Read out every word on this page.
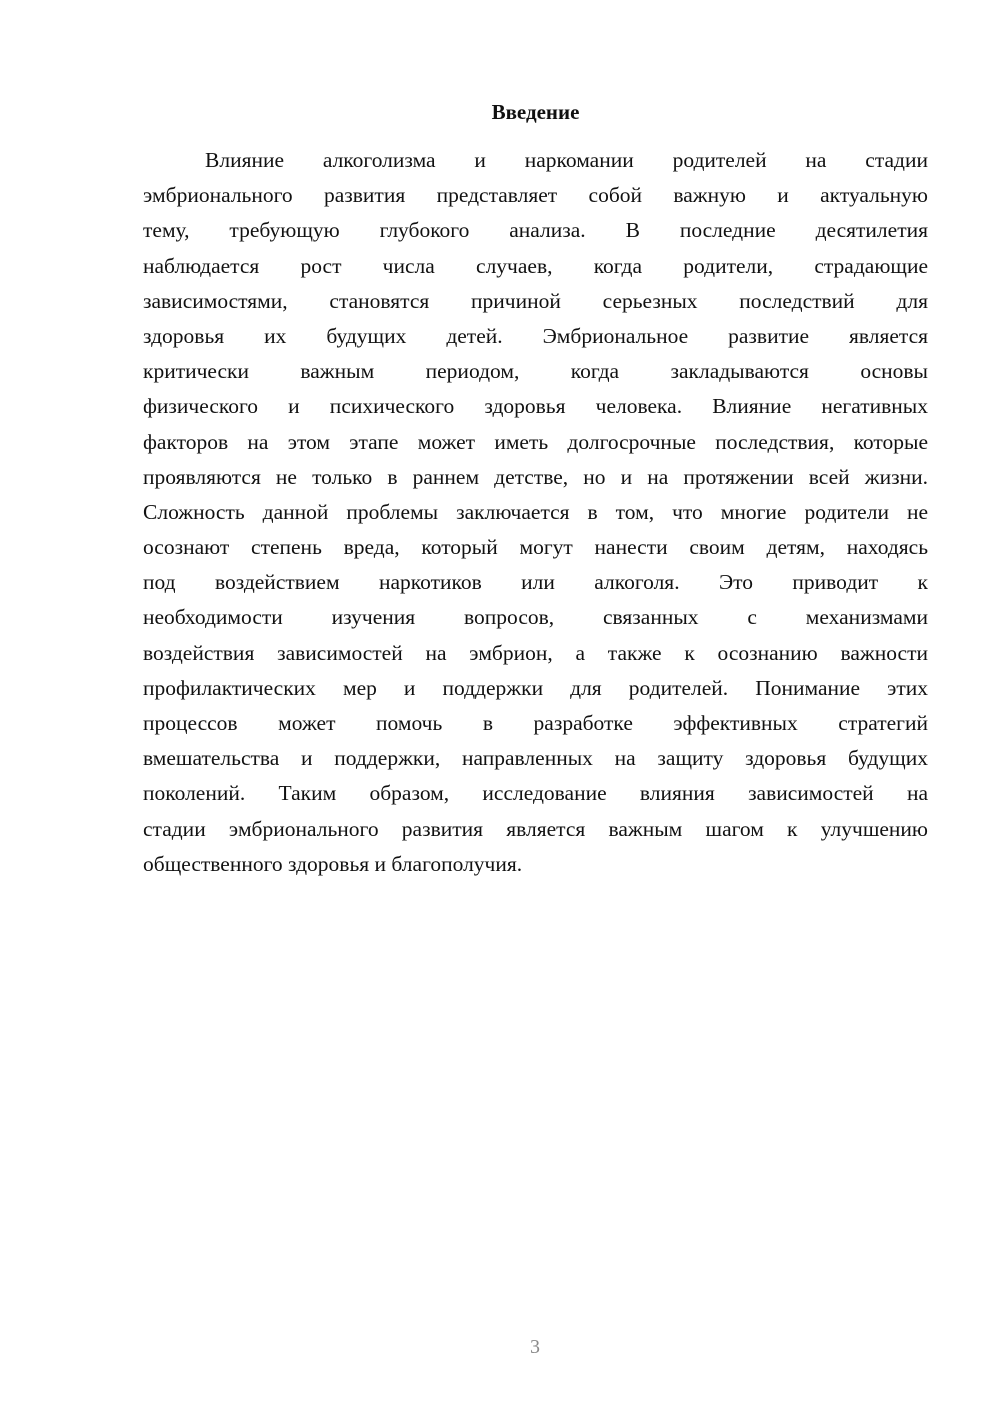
Введение
Влияние алкоголизма и наркомании родителей на стадии
эмбрионального развития представляет собой важную и актуальную
тему, требующую глубокого анализа. В последние десятилетия
наблюдается рост числа случаев, когда родители, страдающие
зависимостями, становятся причиной серьезных последствий для
здоровья их будущих детей. Эмбриональное развитие является
критически важным периодом, когда закладываются основы
физического и психического здоровья человека. Влияние негативных
факторов на этом этапе может иметь долгосрочные последствия, которые
проявляются не только в раннем детстве, но и на протяжении всей жизни.
Сложность данной проблемы заключается в том, что многие родители не
осознают степень вреда, который могут нанести своим детям, находясь
под воздействием наркотиков или алкоголя. Это приводит к
необходимости изучения вопросов, связанных с механизмами
воздействия зависимостей на эмбрион, а также к осознанию важности
профилактических мер и поддержки для родителей. Понимание этих
процессов может помочь в разработке эффективных стратегий
вмешательства и поддержки, направленных на защиту здоровья будущих
поколений. Таким образом, исследование влияния зависимостей на
стадии эмбрионального развития является важным шагом к улучшению
общественного здоровья и благополучия.
3
